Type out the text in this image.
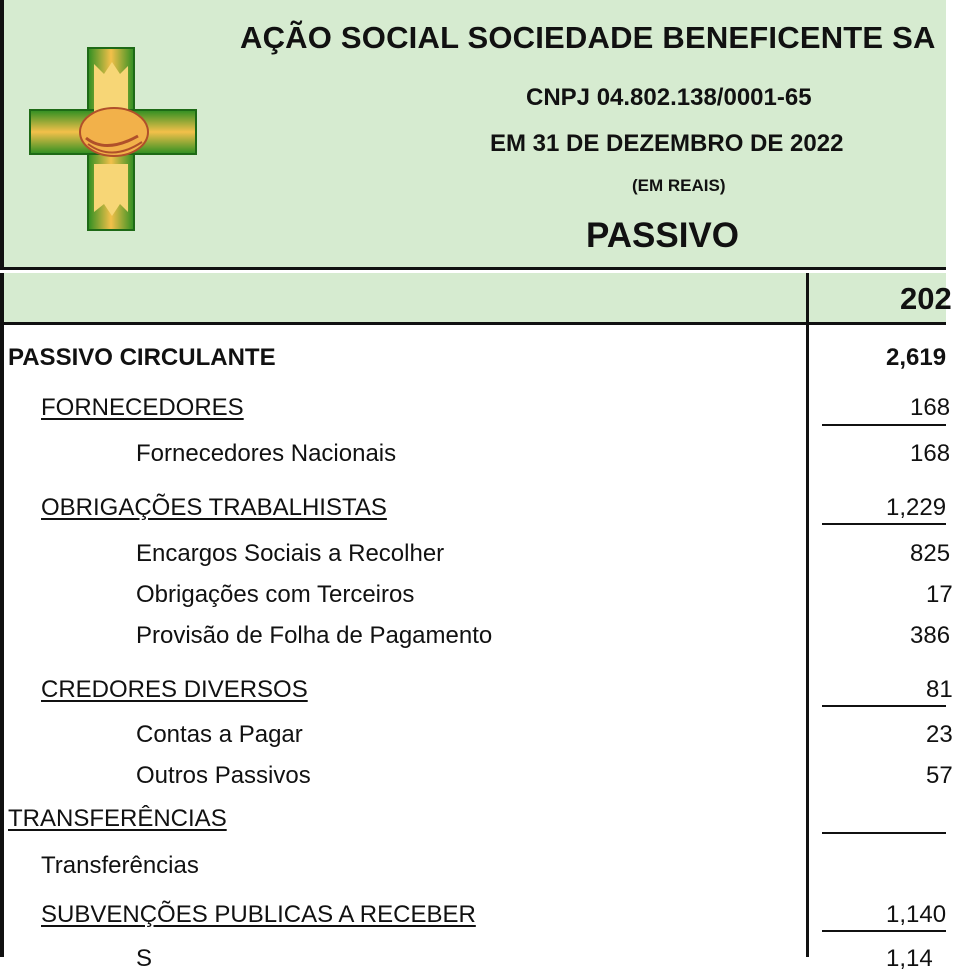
AÇÃO SOCIAL SOCIEDADE BENEFICENTE SA
CNPJ 04.802.138/0001-65
EM 31 DE DEZEMBRO DE 2022
(EM REAIS)
PASSIVO
202
PASSIVO CIRCULANTE	2,619
FORNECEDORES	168
Fornecedores Nacionais	168
OBRIGAÇÕES TRABALHISTAS	1,229
Encargos Sociais a Recolher	825
Obrigações com Terceiros	17
Provisão de Folha de Pagamento	386
CREDORES DIVERSOS	81
Contas a Pagar	23
Outros Passivos	57
TRANSFERÊNCIAS
Transferências
SUBVENÇÕES PUBLICAS A RECEBER	1,140
S	1,14
